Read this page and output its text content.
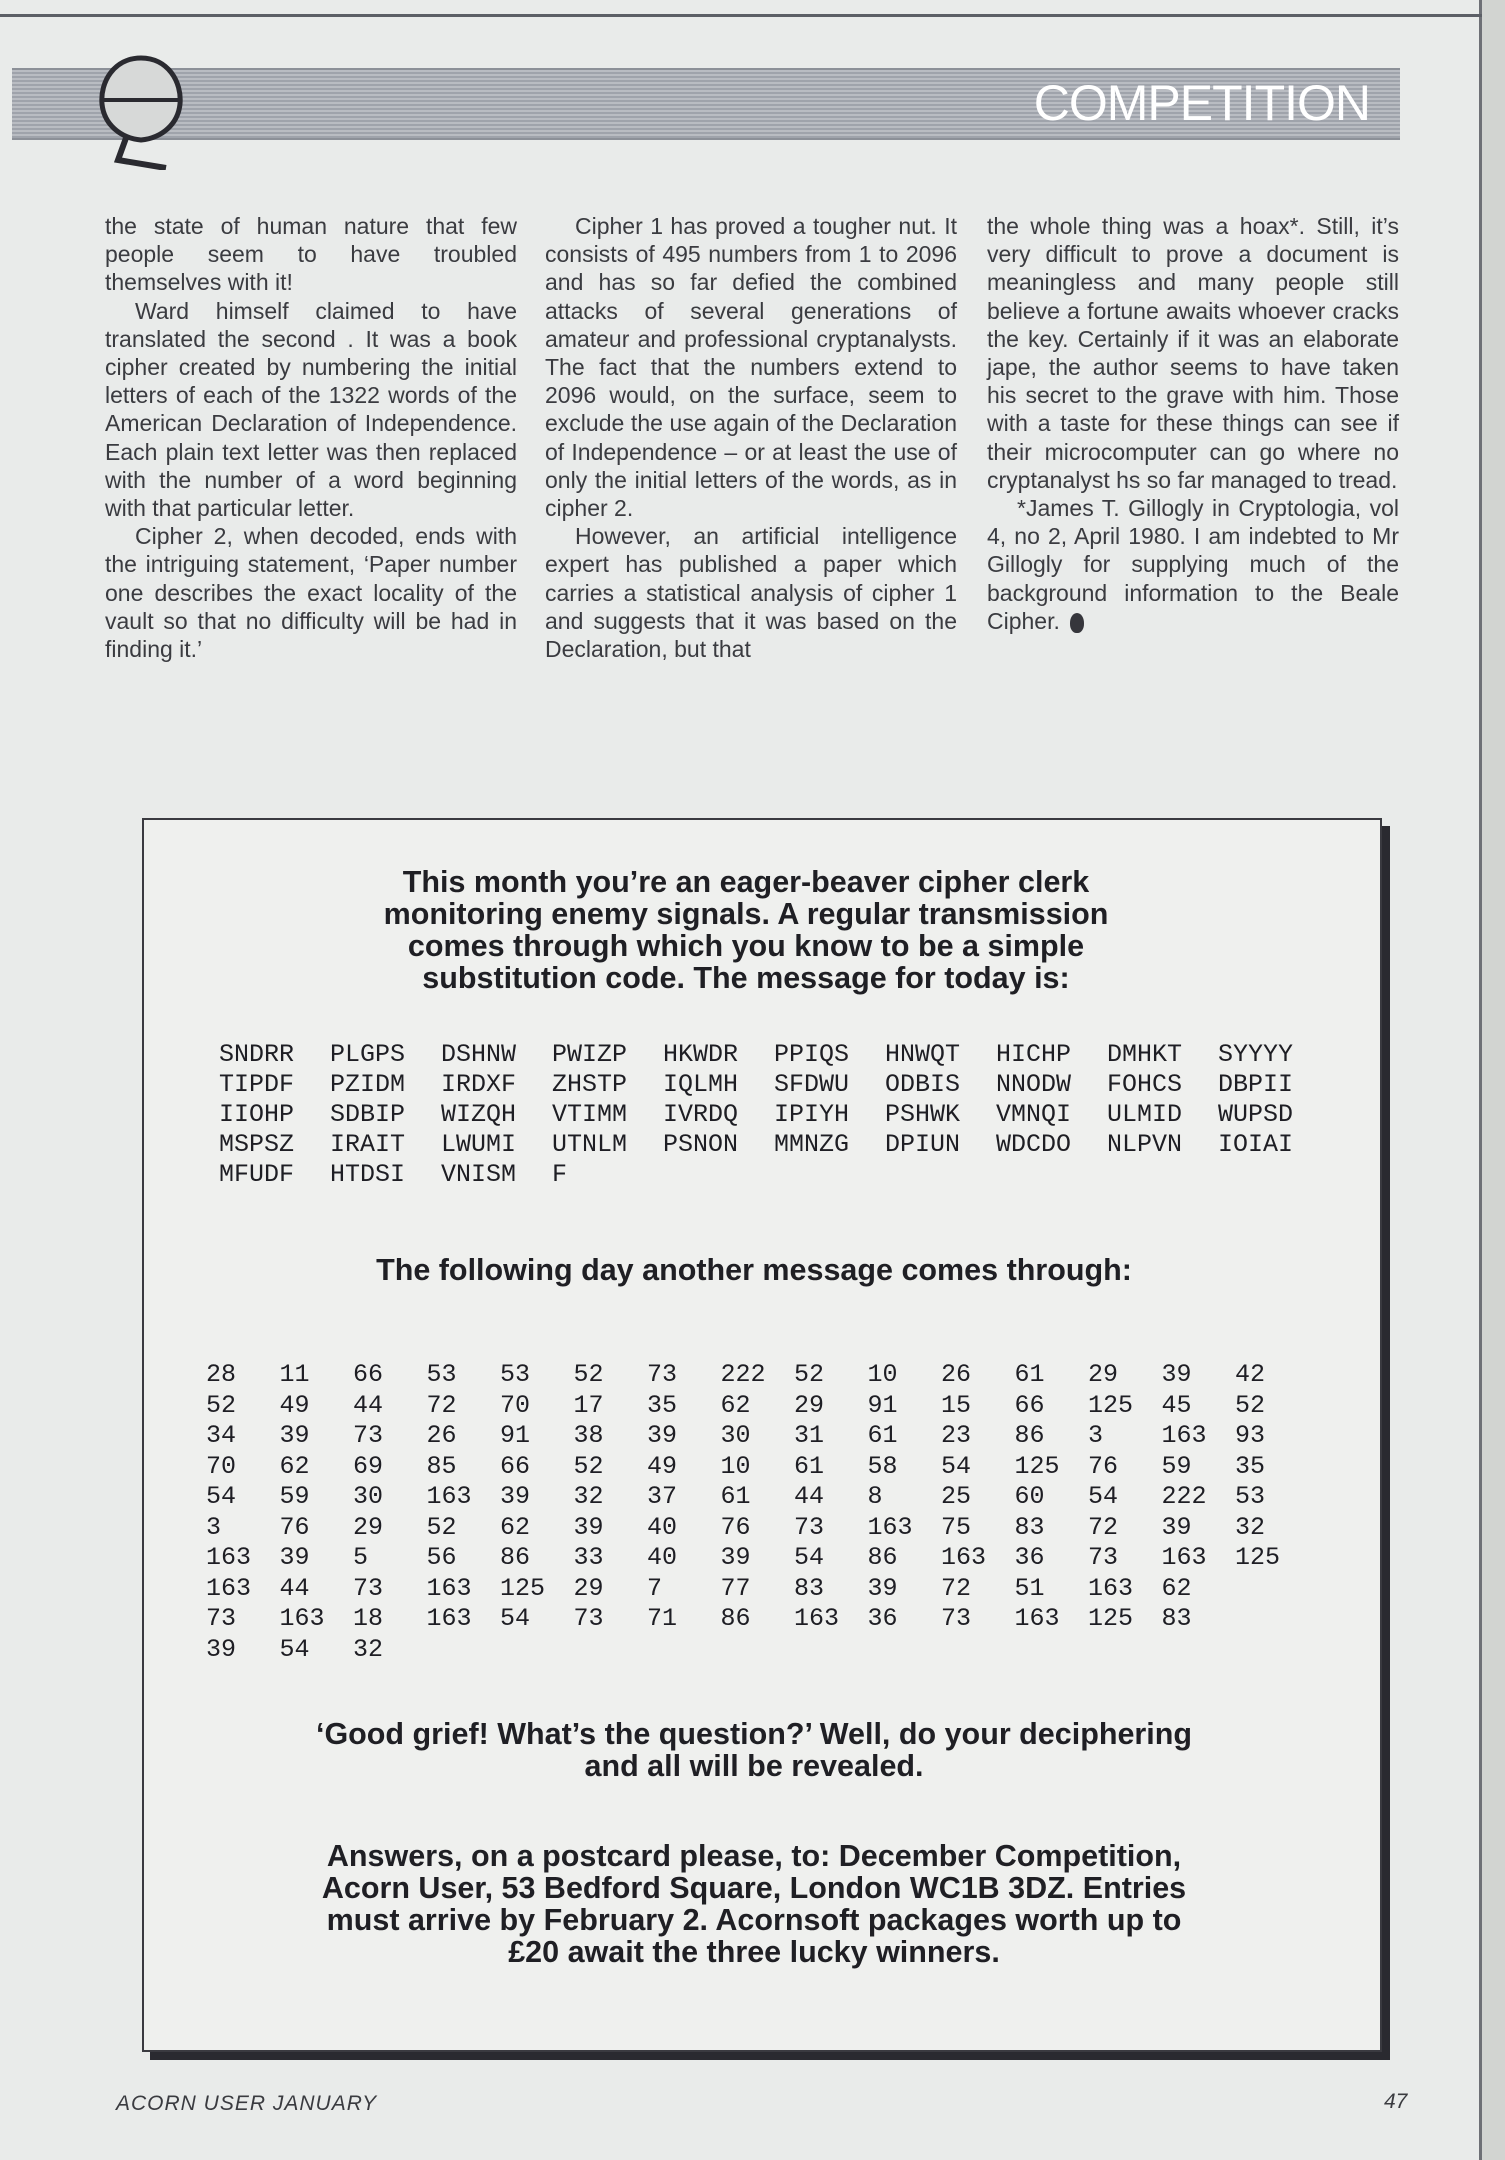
COMPETITION

the state of human nature that few people seem to have troubled themselves with it!

Ward himself claimed to have translated the second . It was a book cipher created by numbering the initial letters of each of the 1322 words of the American Declaration of Independence. Each plain text letter was then replaced with the number of a word beginning with that particular letter.

Cipher 2, when decoded, ends with the intriguing statement, ‘Paper number one describes the exact locality of the vault so that no difficulty will be had in finding it.’

Cipher 1 has proved a tougher nut. It consists of 495 numbers from 1 to 2096 and has so far defied the combined attacks of several generations of amateur and professional cryptanalysts. The fact that the numbers extend to 2096 would, on the surface, seem to exclude the use again of the Declaration of Independence – or at least the use of only the initial letters of the words, as in cipher 2.

However, an artificial intelligence expert has published a paper which carries a statistical analysis of cipher 1 and suggests that it was based on the Declaration, but that

the whole thing was a hoax*. Still, it’s very difficult to prove a document is meaningless and many people still believe a fortune awaits whoever cracks the key. Certainly if it was an elaborate jape, the author seems to have taken his secret to the grave with him. Those with a taste for these things can see if their microcomputer can go where no cryptanalyst hs so far managed to tread.

*James T. Gillogly in Cryptologia, vol 4, no 2, April 1980. I am indebted to Mr Gillogly for supplying much of the background information to the Beale Cipher.

This month you’re an eager-beaver cipher clerk monitoring enemy signals. A regular transmission comes through which you know to be a simple substitution code. The message for today is:
SNDRR	PLGPS	DSHNW	PWIZP	HKWDR	PPIQS	HNWQT	HICHP	DMHKT	SYYYY
TIPDF	PZIDM	IRDXF	ZHSTP	IQLMH	SFDWU	ODBIS	NNODW	FOHCS	DBPII
IIOHP	SDBIP	WIZQH	VTIMM	IVRDQ	IPIYH	PSHWK	VMNQI	ULMID	WUPSD
MSPSZ	IRAIT	LWUMI	UTNLM	PSNON	MMNZG	DPIUN	WDCDO	NLPVN	IOIAI
MFUDF	HTDSI	VNISM	F
The following day another message comes through:
28	11	66	53	53	52	73	222	52	10	26	61	29	39	42
52	49	44	72	70	17	35	62	29	91	15	66	125	45	52
34	39	73	26	91	38	39	30	31	61	23	86	3	163	93
70	62	69	85	66	52	49	10	61	58	54	125	76	59	35
54	59	30	163	39	32	37	61	44	8	25	60	54	222	53
3	76	29	52	62	39	40	76	73	163	75	83	72	39	32
163	39	5	56	86	33	40	39	54	86	163	36	73	163	125
163	44	73	163	125	29	7	77	83	39	72	51	163	62
73	163	18	163	54	73	71	86	163	36	73	163	125	83
39	54	32
‘Good grief! What’s the question?’ Well, do your deciphering and all will be revealed.
Answers, on a postcard please, to: December Competition, Acorn User, 53 Bedford Square, London WC1B 3DZ. Entries must arrive by February 2. Acornsoft packages worth up to £20 await the three lucky winners.
ACORN USER JANUARY	47
